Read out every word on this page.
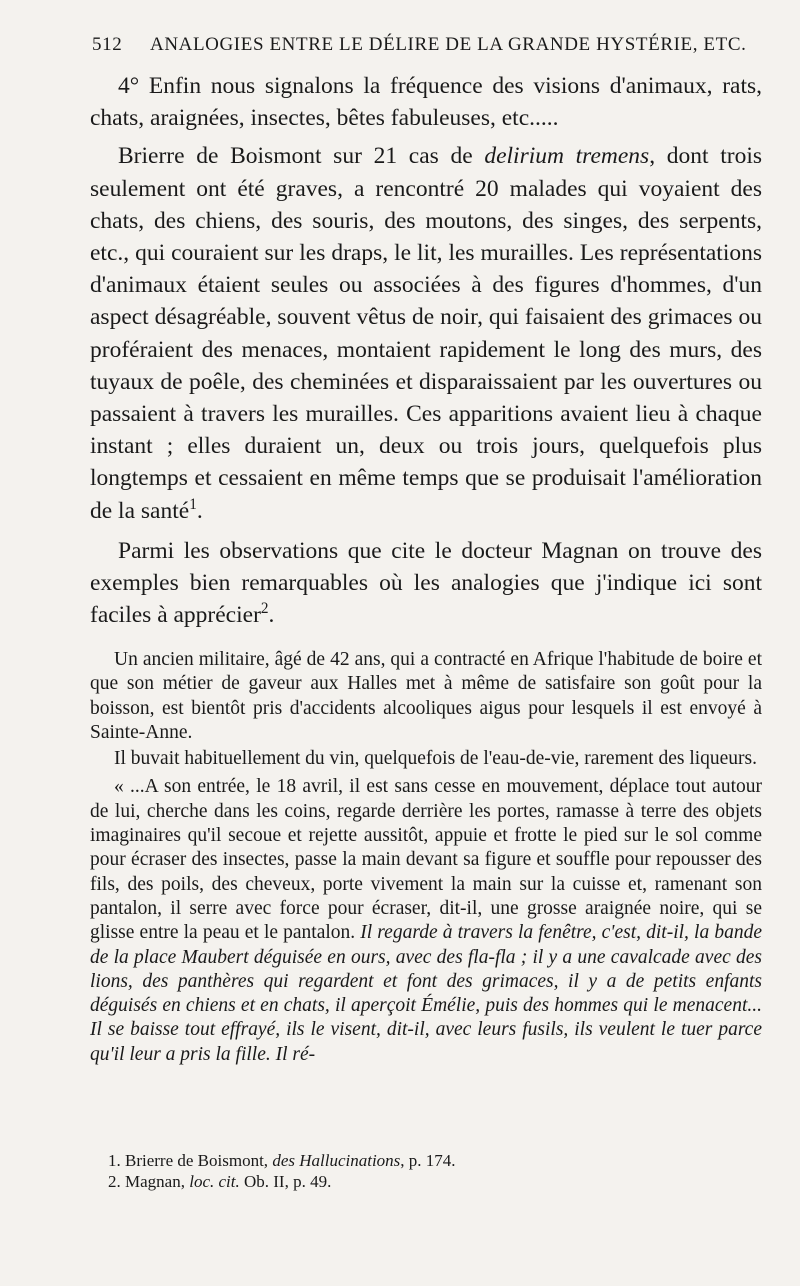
512 ANALOGIES ENTRE LE DÉLIRE DE LA GRANDE HYSTÉRIE, ETC.

4° Enfin nous signalons la fréquence des visions d'animaux, rats, chats, araignées, insectes, bêtes fabuleuses, etc.....

Brierre de Boismont sur 21 cas de delirium tremens, dont trois seulement ont été graves, a rencontré 20 malades qui voyaient des chats, des chiens, des souris, des moutons, des singes, des serpents, etc., qui couraient sur les draps, le lit, les murailles. Les représentations d'animaux étaient seules ou associées à des figures d'hommes, d'un aspect désagréable, souvent vêtus de noir, qui faisaient des grimaces ou proféraient des menaces, montaient rapidement le long des murs, des tuyaux de poêle, des cheminées et disparaissaient par les ouvertures ou passaient à travers les murailles. Ces apparitions avaient lieu à chaque instant ; elles duraient un, deux ou trois jours, quelquefois plus longtemps et cessaient en même temps que se produisait l'amélioration de la santé$^1$.

Parmi les observations que cite le docteur Magnan on trouve des exemples bien remarquables où les analogies que j'indique ici sont faciles à apprécier$^2$.

Un ancien militaire, âgé de 42 ans, qui a contracté en Afrique l'habitude de boire et que son métier de gaveur aux Halles met à même de satisfaire son goût pour la boisson, est bientôt pris d'accidents alcooliques aigus pour lesquels il est envoyé à Sainte-Anne.

Il buvait habituellement du vin, quelquefois de l'eau-de-vie, rarement des liqueurs.

« ...A son entrée, le 18 avril, il est sans cesse en mouvement, déplace tout autour de lui, cherche dans les coins, regarde derrière les portes, ramasse à terre des objets imaginaires qu'il secoue et rejette aussitôt, appuie et frotte le pied sur le sol comme pour écraser des insectes, passe la main devant sa figure et souffle pour repousser des fils, des poils, des cheveux, porte vivement la main sur la cuisse et, ramenant son pantalon, il serre avec force pour écraser, dit-il, une grosse araignée noire, qui se glisse entre la peau et le pantalon. Il regarde à travers la fenêtre, c'est, dit-il, la bande de la place Maubert déguisée en ours, avec des fla-fla ; il y a une cavalcade avec des lions, des panthères qui regardent et font des grimaces, il y a de petits enfants déguisés en chiens et en chats, il aperçoit Émélie, puis des hommes qui le menacent... Il se baisse tout effrayé, ils le visent, dit-il, avec leurs fusils, ils veulent le tuer parce qu'il leur a pris la fille. Il ré-

1. Brierre de Boismont, des Hallucinations, p. 174.
2. Magnan, loc. cit. Ob. II, p. 49.
